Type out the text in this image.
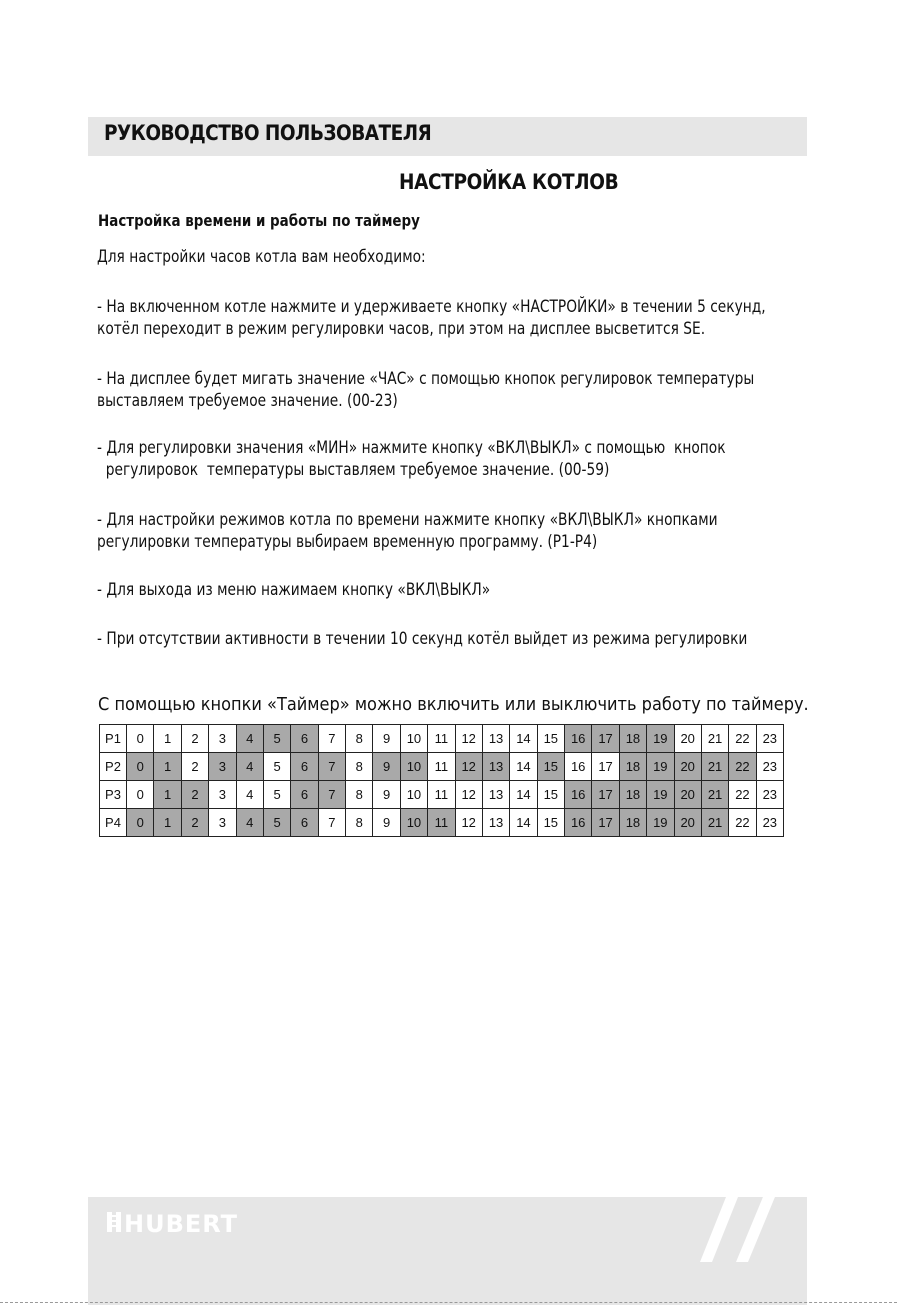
РУКОВОДСТВО ПОЛЬЗОВАТЕЛЯ
НАСТРОЙКА КОТЛОВ
Настройка времени и работы по таймеру
Для настройки часов котла вам необходимо:
- На включенном котле нажмите и удерживаете кнопку «НАСТРОЙКИ» в течении 5 секунд,
котёл переходит в режим регулировки часов, при этом на дисплее высветится SE.
- На дисплее будет мигать значение «ЧАС» с помощью кнопок регулировок температуры
выставляем требуемое значение. (00-23)
- Для регулировки значения «МИН» нажмите кнопку «ВКЛ\ВЫКЛ» с помощью  кнопок
регулировок  температуры выставляем требуемое значение. (00-59)
- Для настройки режимов котла по времени нажмите кнопку «ВКЛ\ВЫКЛ» кнопками
регулировки температуры выбираем временную программу. (P1-P4)
- Для выхода из меню нажимаем кнопку «ВКЛ\ВЫКЛ»
- При отсутствии активности в течении 10 секунд котёл выйдет из режима регулировки
С помощью кнопки «Таймер» можно включить или выключить работу по таймеру.
P1	0	1	2	3	4	5	6	7	8	9	10	11	12	13	14	15	16	17	18	19	20	21	22	23
P2	0	1	2	3	4	5	6	7	8	9	10	11	12	13	14	15	16	17	18	19	20	21	22	23
P3	0	1	2	3	4	5	6	7	8	9	10	11	12	13	14	15	16	17	18	19	20	21	22	23
P4	0	1	2	3	4	5	6	7	8	9	10	11	12	13	14	15	16	17	18	19	20	21	22	23
HUBERT
